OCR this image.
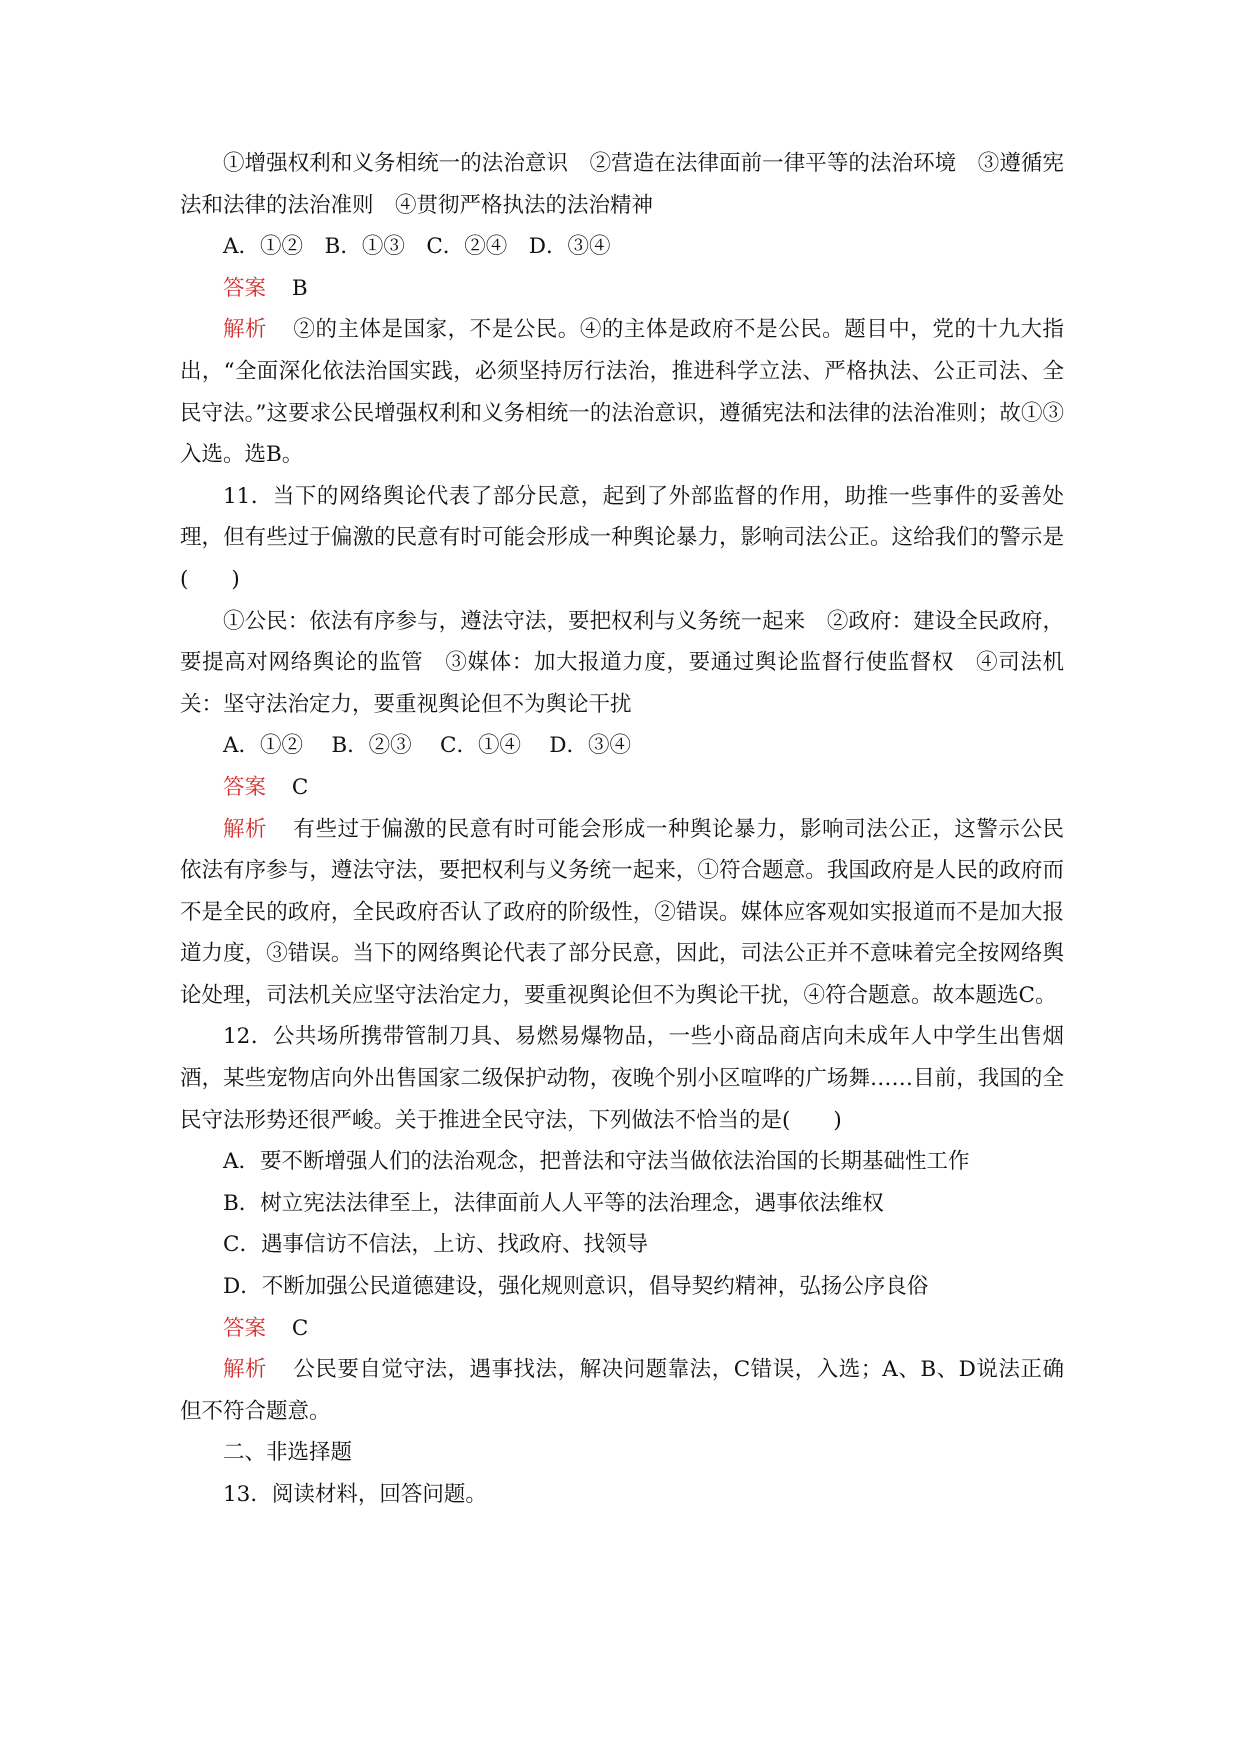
①增强权利和义务相统一的法治意识　②营造在法律面前一律平等的法治环境　③遵循宪法和法律的法治准则　④贯彻严格执法的法治精神

A．①②　B．①③　C．②④　D．③④

答案 B

解析 ②的主体是国家，不是公民。④的主体是政府不是公民。题目中，党的十九大指出，“全面深化依法治国实践，必须坚持厉行法治，推进科学立法、严格执法、公正司法、全民守法。”这要求公民增强权利和义务相统一的法治意识，遵循宪法和法律的法治准则；故①③入选。选B。

11．当下的网络舆论代表了部分民意，起到了外部监督的作用，助推一些事件的妥善处理，但有些过于偏激的民意有时可能会形成一种舆论暴力，影响司法公正。这给我们的警示是(　　)

①公民：依法有序参与，遵法守法，要把权利与义务统一起来　②政府：建设全民政府，要提高对网络舆论的监管　③媒体：加大报道力度，要通过舆论监督行使监督权　④司法机关：坚守法治定力，要重视舆论但不为舆论干扰

A．①②　 B．②③　 C．①④　 D．③④

答案 C

解析 有些过于偏激的民意有时可能会形成一种舆论暴力，影响司法公正，这警示公民依法有序参与，遵法守法，要把权利与义务统一起来，①符合题意。我国政府是人民的政府而不是全民的政府，全民政府否认了政府的阶级性，②错误。媒体应客观如实报道而不是加大报道力度，③错误。当下的网络舆论代表了部分民意，因此，司法公正并不意味着完全按网络舆论处理，司法机关应坚守法治定力，要重视舆论但不为舆论干扰，④符合题意。故本题选C。

12．公共场所携带管制刀具、易燃易爆物品，一些小商品商店向未成年人中学生出售烟酒，某些宠物店向外出售国家二级保护动物，夜晚个别小区喧哗的广场舞……目前，我国的全民守法形势还很严峻。关于推进全民守法，下列做法不恰当的是(　　)

A．要不断增强人们的法治观念，把普法和守法当做依法治国的长期基础性工作

B．树立宪法法律至上，法律面前人人平等的法治理念，遇事依法维权

C．遇事信访不信法，上访、找政府、找领导

D．不断加强公民道德建设，强化规则意识，倡导契约精神，弘扬公序良俗

答案 C

解析 公民要自觉守法，遇事找法，解决问题靠法，C错误，入选；A、B、D说法正确但不符合题意。

二、非选择题

13．阅读材料，回答问题。
